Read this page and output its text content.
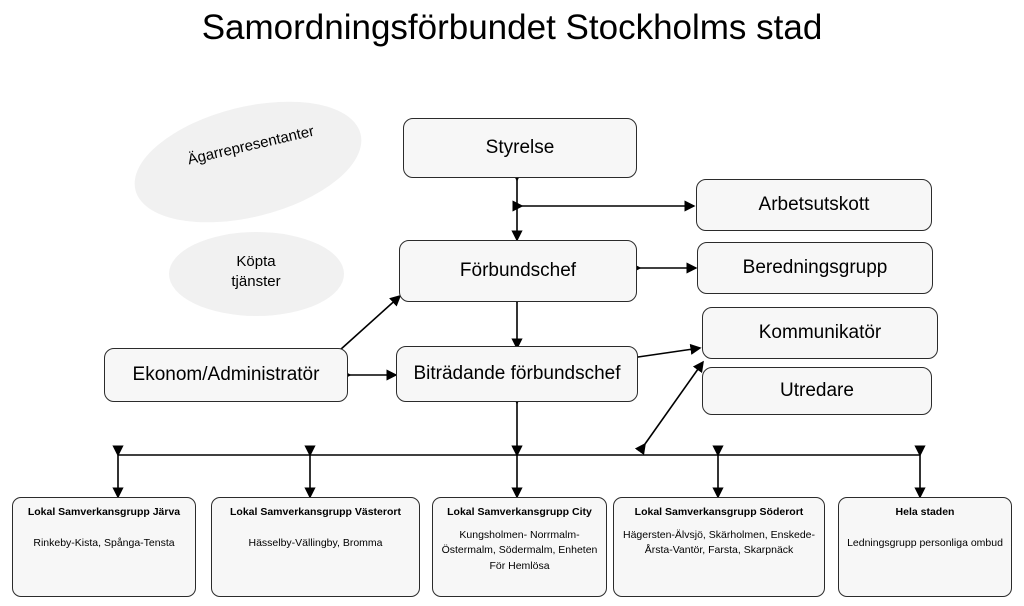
Samordningsförbundet Stockholms stad
Ägarrepresentanter
Köpta
tjänster
Styrelse
Arbetsutskott
Förbundschef	Beredningsgrupp
Kommunikatör
Utredare
Ekonom/Administratör	Biträdande förbundschef
Lokal Samverkansgrupp Järva
Rinkeby-Kista, Spånga-Tensta
Lokal Samverkansgrupp Västerort
Hässelby-Vällingby, Bromma
Lokal Samverkansgrupp City
Kungsholmen- Norrmalm-Östermalm, Södermalm, Enheten För Hemlösa
Lokal Samverkansgrupp Söderort
Hägersten-Älvsjö, Skärholmen, Enskede-Årsta-Vantör, Farsta, Skarpnäck
Hela staden
Ledningsgrupp personliga ombud
